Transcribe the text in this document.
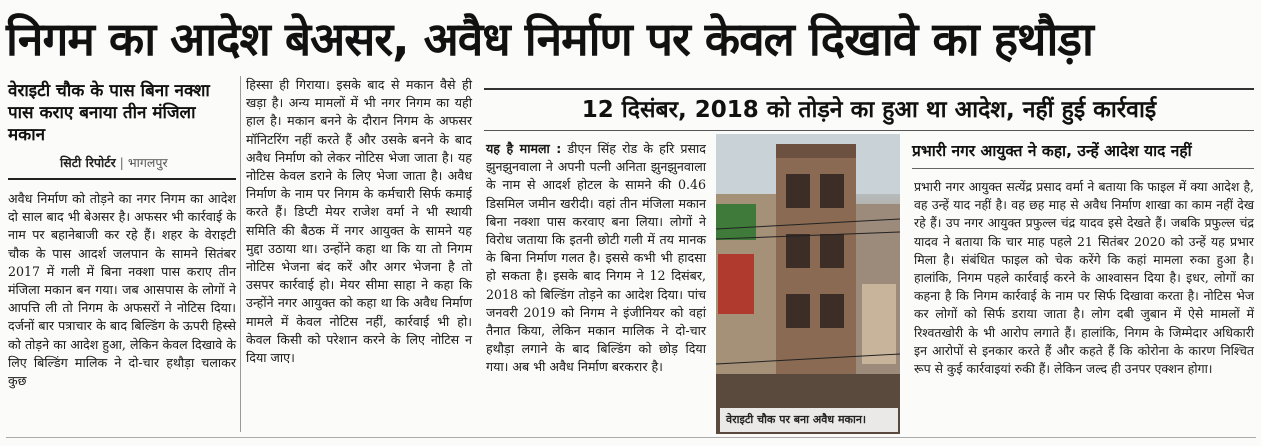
निगम का आदेश बेअसर, अवैध निर्माण पर केवल दिखावे का हथौड़ा
वेराइटी चौक के पास बिना नक्शा पास कराए बनाया तीन मंजिला मकान
सिटी रिपोर्टर | भागलपुर
अवैध निर्माण को तोड़ने का नगर निगम का आदेश दो साल बाद भी बेअसर है। अफसर भी कार्रवाई के नाम पर बहानेबाजी कर रहे हैं। शहर के वेराइटी चौक के पास आदर्श जलपान के सामने सितंबर 2017 में गली में बिना नक्शा पास कराए तीन मंजिला मकान बन गया। जब आसपास के लोगों ने आपत्ति ली तो निगम के अफसरों ने नोटिस दिया। दर्जनों बार पत्राचार के बाद बिल्डिंग के ऊपरी हिस्से को तोड़ने का आदेश हुआ, लेकिन केवल दिखावे के लिए बिल्डिंग मालिक ने दो-चार हथौड़ा चलाकर कुछ
हिस्सा ही गिराया। इसके बाद से मकान वैसे ही खड़ा है। अन्य मामलों में भी नगर निगम का यही हाल है। मकान बनने के दौरान निगम के अफसर मॉनिटरिंग नहीं करते हैं और उसके बनने के बाद अवैध निर्माण को लेकर नोटिस भेजा जाता है। यह नोटिस केवल डराने के लिए भेजा जाता है। अवैध निर्माण के नाम पर निगम के कर्मचारी सिर्फ कमाई करते हैं। डिप्टी मेयर राजेश वर्मा ने भी स्थायी समिति की बैठक में नगर आयुक्त के सामने यह मुद्दा उठाया था। उन्होंने कहा था कि या तो निगम नोटिस भेजना बंद करें और अगर भेजना है तो उसपर कार्रवाई हो। मेयर सीमा साहा ने कहा कि उन्होंने नगर आयुक्त को कहा था कि अवैध निर्माण मामले में केवल नोटिस नहीं, कार्रवाई भी हो। केवल किसी को परेशान करने के लिए नोटिस न दिया जाए।
12 दिसंबर, 2018 को तोड़ने का हुआ था आदेश, नहीं हुई कार्रवाई
यह है मामला : डीएन सिंह रोड के हरि प्रसाद झुनझुनवाला ने अपनी पत्नी अनिता झुनझुनवाला के नाम से आदर्श होटल के सामने की 0.46 डिसमिल जमीन खरीदी। वहां तीन मंजिला मकान बिना नक्शा पास करवाए बना लिया। लोगों ने विरोध जताया कि इतनी छोटी गली में तय मानक के बिना निर्माण गलत है। इससे कभी भी हादसा हो सकता है। इसके बाद निगम ने 12 दिसंबर, 2018 को बिल्डिंग तोड़ने का आदेश दिया। पांच जनवरी 2019 को निगम ने इंजीनियर को वहां तैनात किया, लेकिन मकान मालिक ने दो-चार हथौड़ा लगाने के बाद बिल्डिंग को छोड़ दिया गया। अब भी अवैध निर्माण बरकरार है।
वेराइटी चौक पर बना अवैध मकान।
प्रभारी नगर आयुक्त ने कहा, उन्हें आदेश याद नहीं
प्रभारी नगर आयुक्त सत्येंद्र प्रसाद वर्मा ने बताया कि फाइल में क्या आदेश है, वह उन्हें याद नहीं है। वह छह माह से अवैध निर्माण शाखा का काम नहीं देख रहे हैं। उप नगर आयुक्त प्रफुल्ल चंद्र यादव इसे देखते हैं। जबकि प्रफुल्ल चंद्र यादव ने बताया कि चार माह पहले 21 सितंबर 2020 को उन्हें यह प्रभार मिला है। संबंधित फाइल को चेक करेंगे कि कहां मामला रुका हुआ है। हालांकि, निगम पहले कार्रवाई करने के आश्वासन दिया है। इधर, लोगों का कहना है कि निगम कार्रवाई के नाम पर सिर्फ दिखावा करता है। नोटिस भेज कर लोगों को सिर्फ डराया जाता है। लोग दबी जुबान में ऐसे मामलों में रिश्वतखोरी के भी आरोप लगाते हैं। हालांकि, निगम के जिम्मेदार अधिकारी इन आरोपों से इनकार करते हैं और कहते हैं कि कोरोना के कारण निश्चित रूप से कुई कार्रवाइयां रुकी हैं। लेकिन जल्द ही उनपर एक्शन होगा।
